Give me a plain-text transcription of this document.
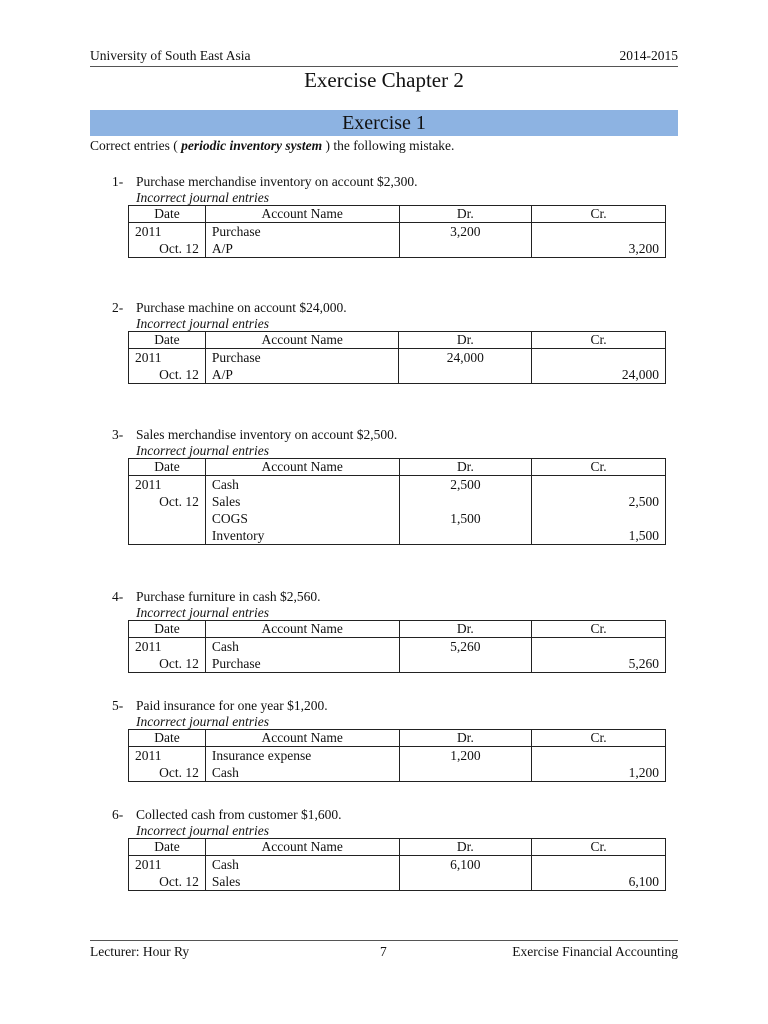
University of South East Asia	2014-2015
Exercise Chapter 2
Exercise 1
Correct entries ( periodic inventory system ) the following mistake.
1- Purchase merchandise inventory on account $2,300.
Incorrect journal entries
Date	Account Name	Dr.	Cr.
2011	Purchase	3,200	
Oct. 12	A/P		3,200
2- Purchase machine on account $24,000.
Incorrect journal entries
Date	Account Name	Dr.	Cr.
2011	Purchase	24,000	
Oct. 12	A/P		24,000
3- Sales merchandise inventory on account $2,500.
Incorrect journal entries
Date	Account Name	Dr.	Cr.
2011	Cash	2,500	
Oct. 12	Sales		2,500
	COGS	1,500	
	Inventory		1,500
4- Purchase furniture in cash $2,560.
Incorrect journal entries
Date	Account Name	Dr.	Cr.
2011	Cash	5,260	
Oct. 12	Purchase		5,260
5- Paid insurance for one year $1,200.
Incorrect journal entries
Date	Account Name	Dr.	Cr.
2011	Insurance expense	1,200	
Oct. 12	Cash		1,200
6- Collected cash from customer $1,600.
Incorrect journal entries
Date	Account Name	Dr.	Cr.
2011	Cash	6,100	
Oct. 12	Sales		6,100
Lecturer: Hour Ry	7	Exercise Financial Accounting
